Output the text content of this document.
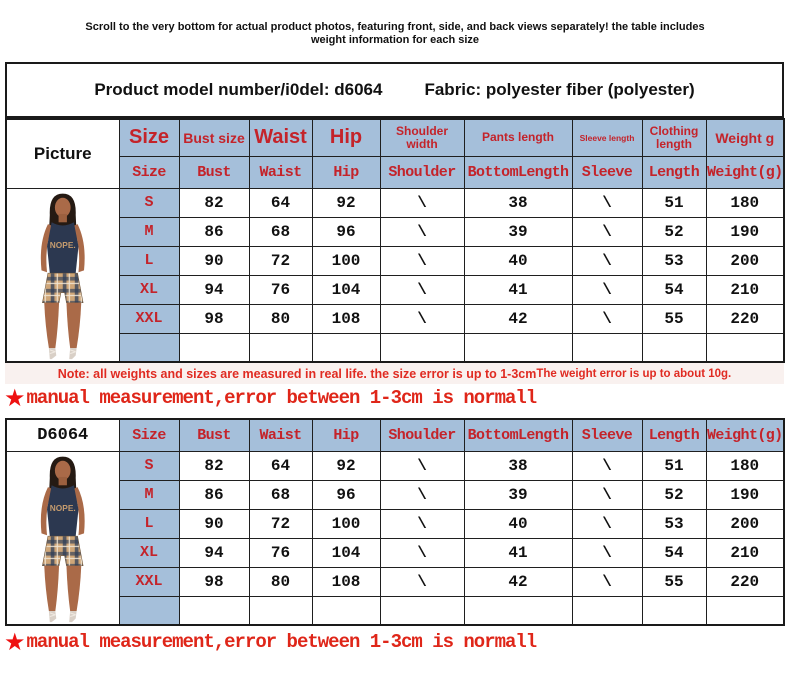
Scroll to the very bottom for actual product photos, featuring front, side, and back views separately! the table includes
weight information for each size
Product model number/i0del: d6064 Fabric: polyester fiber (polyester)
Picture	Size	Bust size	Waist	Hip	Shoulder width	Pants length	Sleeve length	Clothing length	Weight g
	Size	Bust	Waist	Hip	Shoulder	BottomLength	Sleeve	Length	Weight(g)

	S	82	64	92	\	38	\	51	180
	M	86	68	96	\	39	\	52	190
	L	90	72	100	\	40	\	53	200
	XL	94	76	104	\	41	\	54	210
	XXL	98	80	108	\	42	\	55	220

Note: all weights and sizes are measured in real life. the size error is up to 1-3cm The weight error is up to about 10g.
★ manual measurement,error between 1-3cm is normall
D6064	Size	Bust	Waist	Hip	Shoulder	BottomLength	Sleeve	Length	Weight(g)

	S	82	64	92	\	38	\	51	180
	M	86	68	96	\	39	\	52	190
	L	90	72	100	\	40	\	53	200
	XL	94	76	104	\	41	\	54	210
	XXL	98	80	108	\	42	\	55	220

★ manual measurement,error between 1-3cm is normall
